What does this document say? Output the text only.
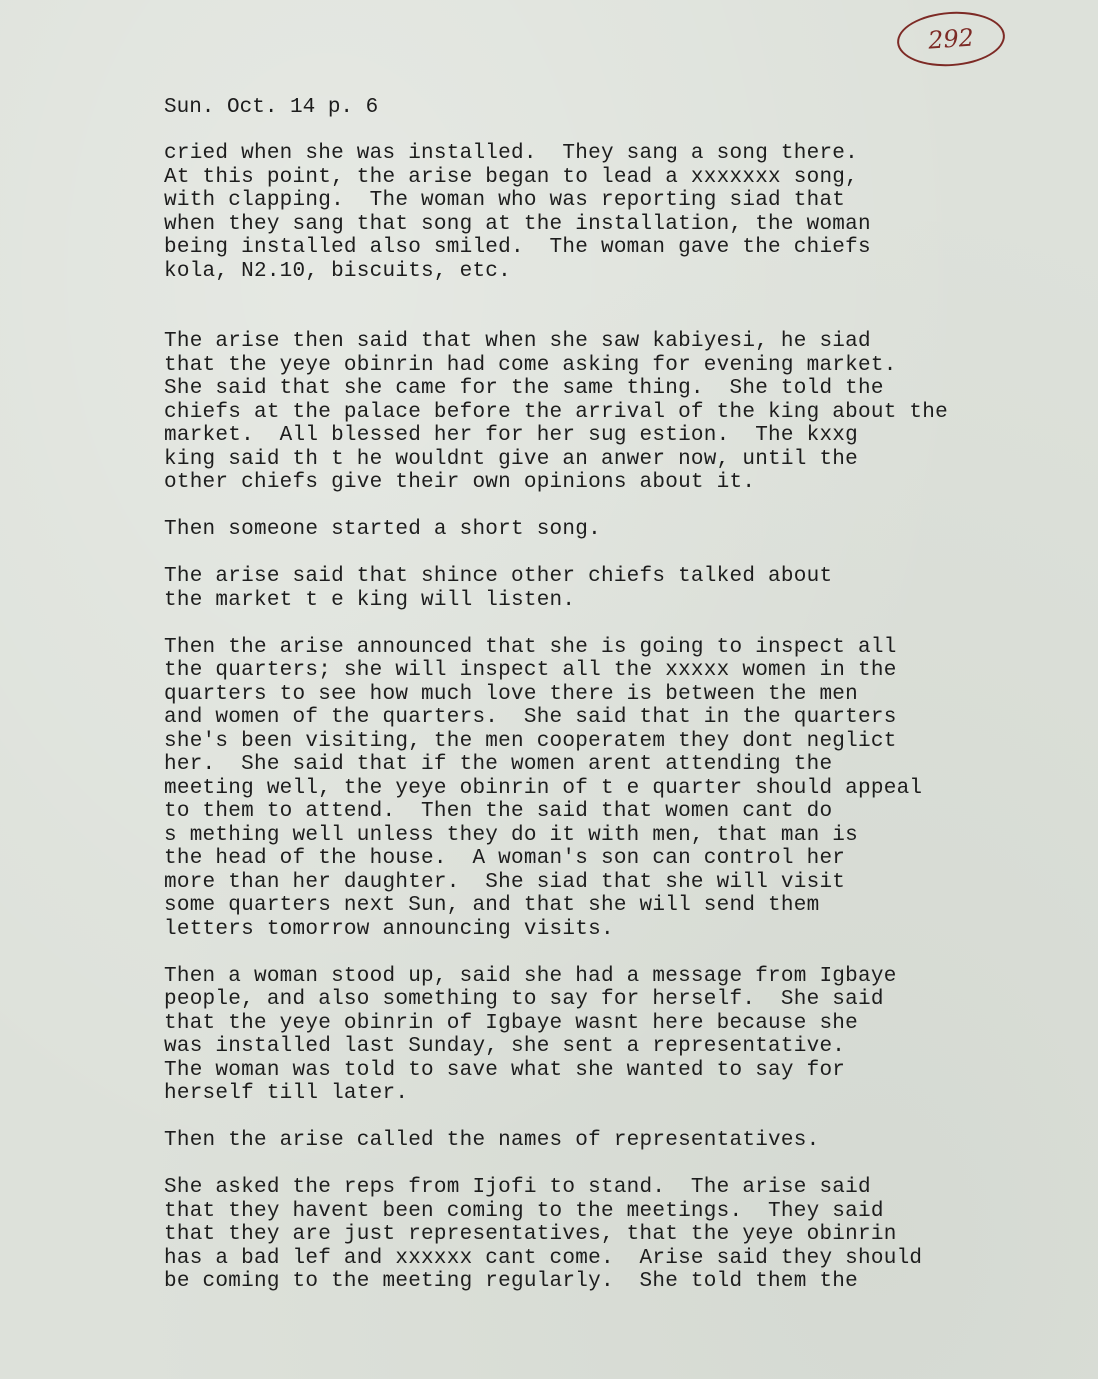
292
Sun. Oct. 14 p. 6
cried when she was installed.  They sang a song there.
At this point, the arise began to lead a xxxxxxx song,
with clapping.  The woman who was reporting siad that
when they sang that song at the installation, the woman
being installed also smiled.  The woman gave the chiefs
kola, N2.10, biscuits, etc.
The arise then said that when she saw kabiyesi, he siad
that the yeye obinrin had come asking for evening market.
She said that she came for the same thing.  She told the
chiefs at the palace before the arrival of the king about the
market.  All blessed her for her sug estion.  The kxxg
king said th t he wouldnt give an anwer now, until the
other chiefs give their own opinions about it.
Then someone started a short song.
The arise said that shince other chiefs talked about
the market t e king will listen.
Then the arise announced that she is going to inspect all
the quarters; she will inspect all the xxxxx women in the
quarters to see how much love there is between the men
and women of the quarters.  She said that in the quarters
she's been visiting, the men cooperatem they dont neglict
her.  She said that if the women arent attending the
meeting well, the yeye obinrin of t e quarter should appeal
to them to attend.  Then the said that women cant do
s mething well unless they do it with men, that man is
the head of the house.  A woman's son can control her
more than her daughter.  She siad that she will visit
some quarters next Sun, and that she will send them
letters tomorrow announcing visits.
Then a woman stood up, said she had a message from Igbaye
people, and also something to say for herself.  She said
that the yeye obinrin of Igbaye wasnt here because she
was installed last Sunday, she sent a representative.
The woman was told to save what she wanted to say for
herself till later.
Then the arise called the names of representatives.
She asked the reps from Ijofi to stand.  The arise said
that they havent been coming to the meetings.  They said
that they are just representatives, that the yeye obinrin
has a bad lef and xxxxxx cant come.  Arise said they should
be coming to the meeting regularly.  She told them the
